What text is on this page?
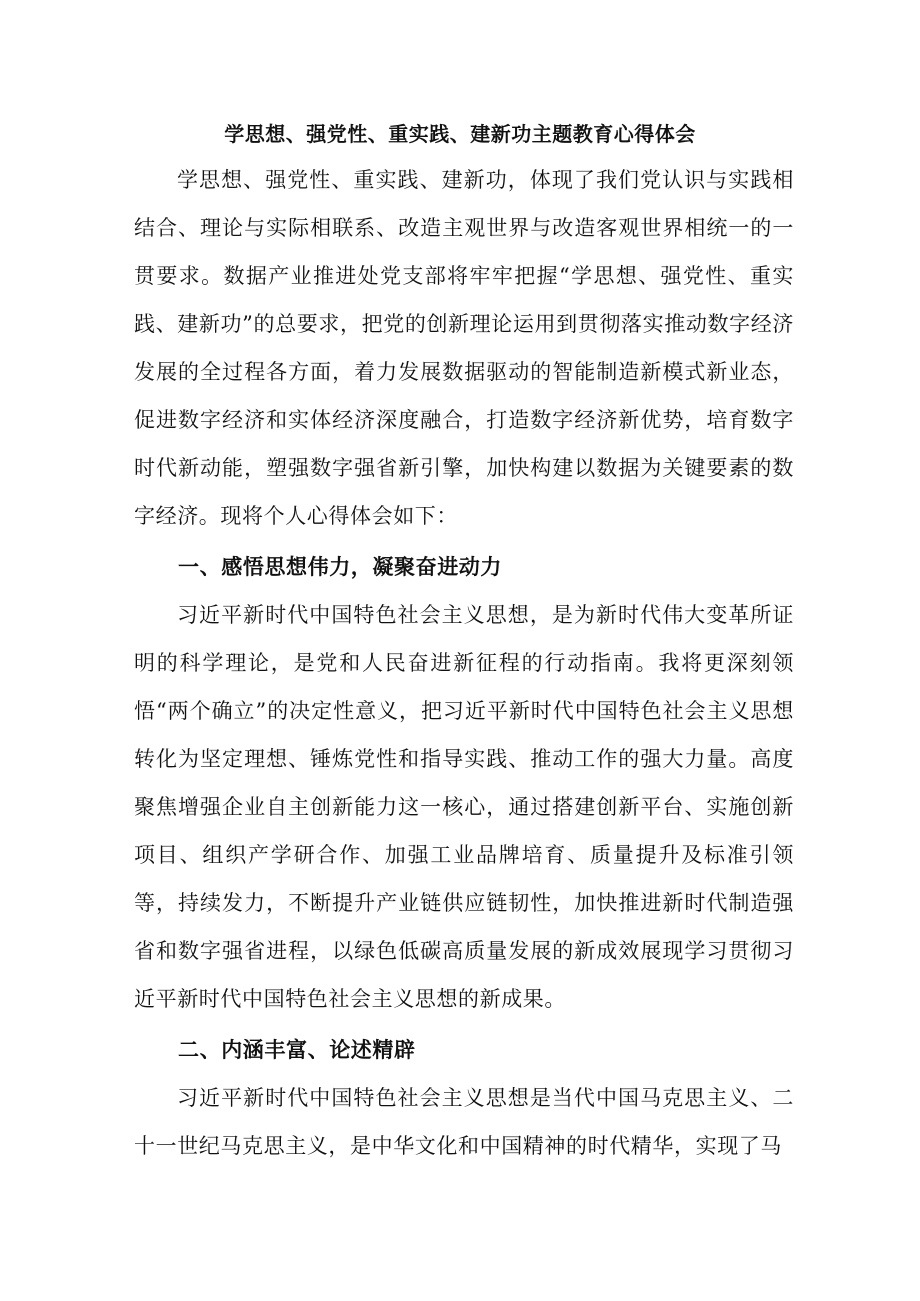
学思想、强党性、重实践、建新功主题教育心得体会
学思想、强党性、重实践、建新功，体现了我们党认识与实践相结合、理论与实际相联系、改造主观世界与改造客观世界相统一的一贯要求。数据产业推进处党支部将牢牢把握“学思想、强党性、重实践、建新功”的总要求，把党的创新理论运用到贯彻落实推动数字经济发展的全过程各方面，着力发展数据驱动的智能制造新模式新业态，促进数字经济和实体经济深度融合，打造数字经济新优势，培育数字时代新动能，塑强数字强省新引擎，加快构建以数据为关键要素的数字经济。现将个人心得体会如下：
一、感悟思想伟力，凝聚奋进动力
习近平新时代中国特色社会主义思想，是为新时代伟大变革所证明的科学理论，是党和人民奋进新征程的行动指南。我将更深刻领悟“两个确立”的决定性意义，把习近平新时代中国特色社会主义思想转化为坚定理想、锤炼党性和指导实践、推动工作的强大力量。高度聚焦增强企业自主创新能力这一核心，通过搭建创新平台、实施创新项目、组织产学研合作、加强工业品牌培育、质量提升及标准引领等，持续发力，不断提升产业链供应链韧性，加快推进新时代制造强省和数字强省进程，以绿色低碳高质量发展的新成效展现学习贯彻习近平新时代中国特色社会主义思想的新成果。
二、内涵丰富、论述精辟
习近平新时代中国特色社会主义思想是当代中国马克思主义、二十一世纪马克思主义，是中华文化和中国精神的时代精华，实现了马
